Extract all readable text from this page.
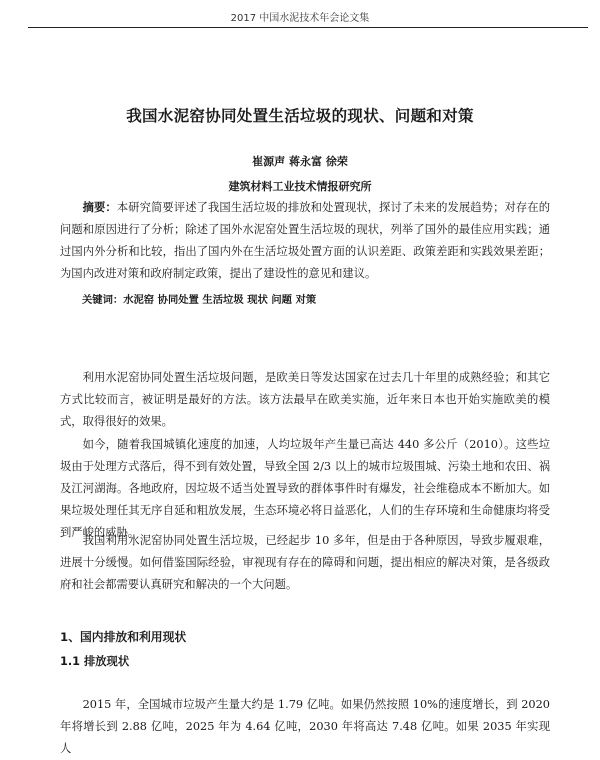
2017 中国水泥技术年会论文集
我国水泥窑协同处置生活垃圾的现状、问题和对策
崔源声 蒋永富 徐荣
建筑材料工业技术情报研究所

摘要：本研究简要评述了我国生活垃圾的排放和处置现状，探讨了未来的发展趋势；对存在的问题和原因进行了分析；除述了国外水泥窑处置生活垃圾的现状，列举了国外的最佳应用实践；通过国内外分析和比较，指出了国内外在生活垃圾处置方面的认识差距、政策差距和实践效果差距；为国内改进对策和政府制定政策，提出了建设性的意见和建议。

关键词：水泥窑 协同处置 生活垃圾 现状 问题 对策

利用水泥窑协同处置生活垃圾问题，是欧美日等发达国家在过去几十年里的成熟经验；和其它方式比较而言，被证明是最好的方法。该方法最早在欧美实施，近年来日本也开始实施欧美的模式，取得很好的效果。

如今，随着我国城镇化速度的加速，人均垃圾年产生量已高达 440 多公斤（2010）。这些垃圾由于处理方式落后，得不到有效处置，导致全国 2/3 以上的城市垃圾围城、污染土地和农田、祸及江河湖海。各地政府，因垃圾不适当处置导致的群体事件时有爆发，社会维稳成本不断加大。如果垃圾处理任其无序自延和粗放发展，生态环境必将日益恶化，人们的生存环境和生命健康均将受到严峻的威胁。

我国利用水泥窑协同处置生活垃圾，已经起步 10 多年，但是由于各种原因，导致步履艰难，进展十分缓慢。如何借鉴国际经验，审视现有存在的障碍和问题，提出相应的解决对策，是各级政府和社会都需要认真研究和解决的一个大问题。

1、国内排放和利用现状
1.1 排放现状

2015 年，全国城市垃圾产生量大约是 1.79 亿吨。如果仍然按照 10%的速度增长，到 2020 年将增长到 2.88 亿吨，2025 年为 4.64 亿吨，2030 年将高达 7.48 亿吨。如果 2035 年实现人
